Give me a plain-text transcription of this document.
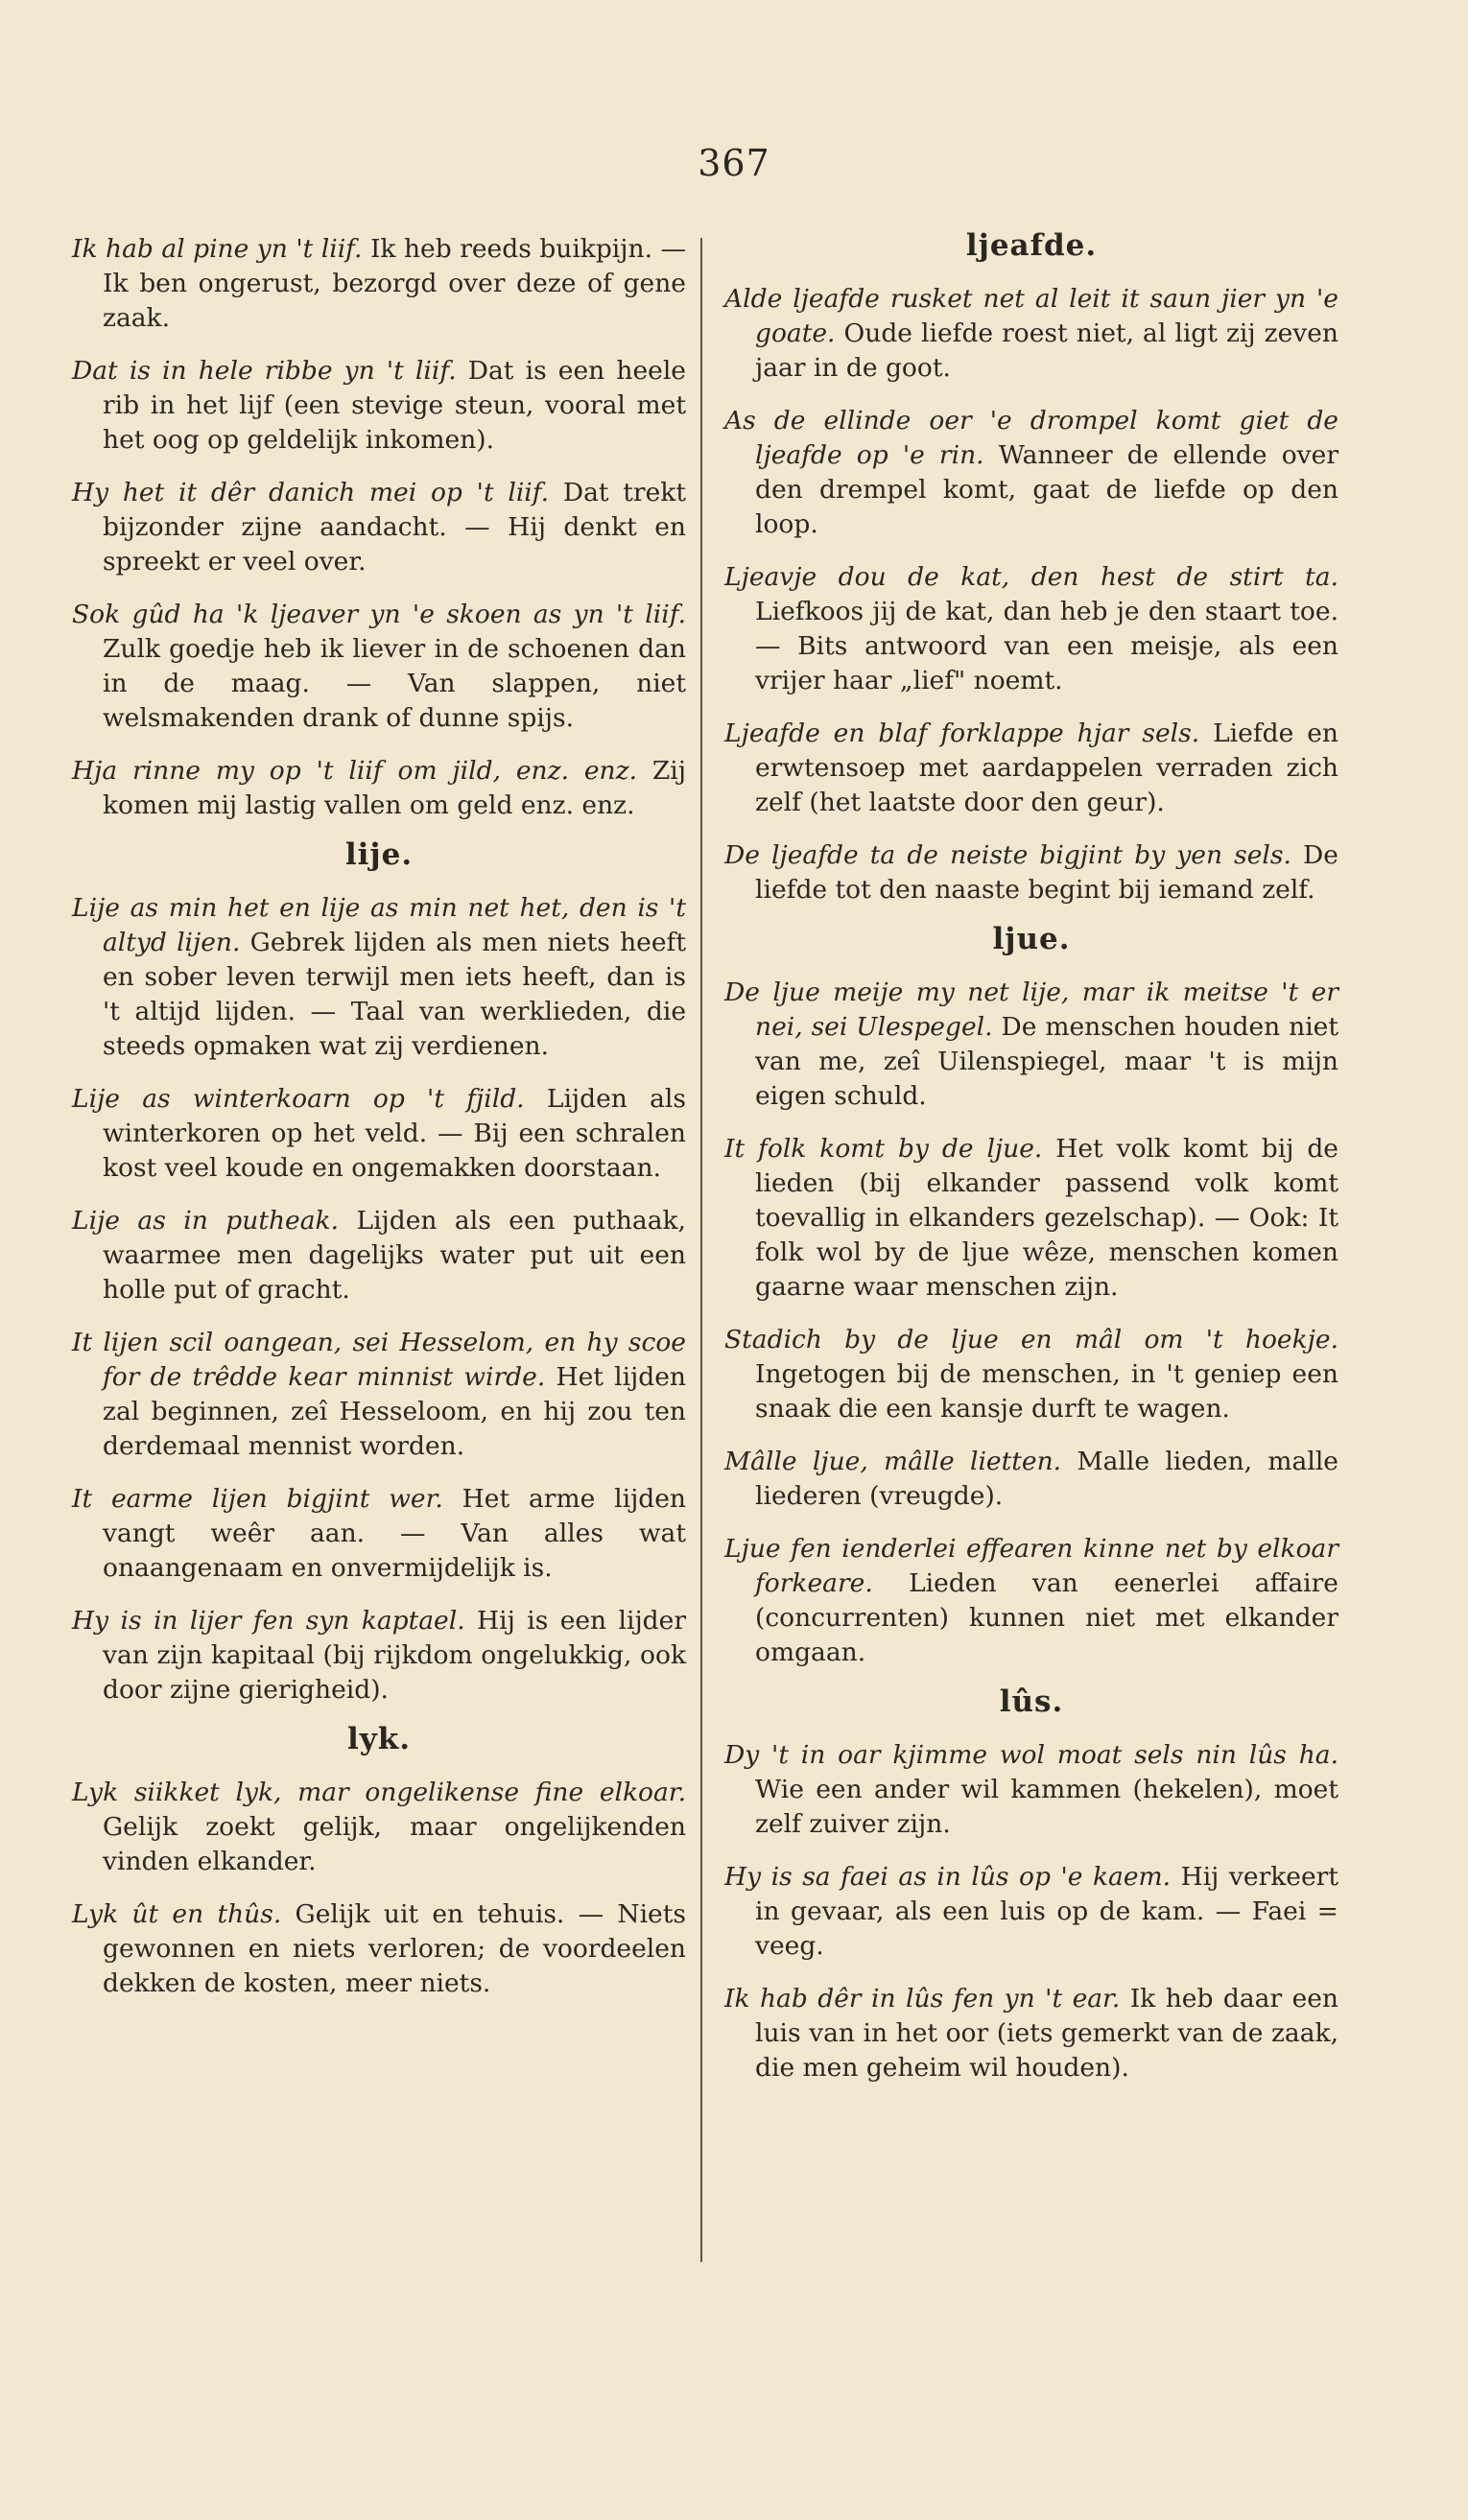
367
Ik hab al pine yn 't liif. Ik heb reeds buikpijn. — Ik ben ongerust, bezorgd over deze of gene zaak.
Dat is in hele ribbe yn 't liif. Dat is een heele rib in het lijf (een stevige steun, vooral met het oog op geldelijk inkomen).
Hy het it dêr danich mei op 't liif. Dat trekt bijzonder zijne aandacht. — Hij denkt en spreekt er veel over.
Sok gûd ha 'k ljeaver yn 'e skoen as yn 't liif. Zulk goedje heb ik liever in de schoenen dan in de maag. — Van slappen, niet welsmakenden drank of dunne spijs.
Hja rinne my op 't liif om jild, enz. enz. Zij komen mij lastig vallen om geld enz. enz.
lije.
Lije as min het en lije as min net het, den is 't altyd lijen. Gebrek lijden als men niets heeft en sober leven terwijl men iets heeft, dan is 't altijd lijden. — Taal van werklieden, die steeds opmaken wat zij verdienen.
Lije as winterkoarn op 't fjild. Lijden als winterkoren op het veld. — Bij een schralen kost veel koude en ongemakken doorstaan.
Lije as in putheak. Lijden als een puthaak, waarmee men dagelijks water put uit een holle put of gracht.
It lijen scil oangean, sei Hesselom, en hy scoe for de trêdde kear minnist wirde. Het lijden zal beginnen, zeî Hesseloom, en hij zou ten derdemaal mennist worden.
It earme lijen bigjint wer. Het arme lijden vangt weêr aan. — Van alles wat onaangenaam en onvermijdelijk is.
Hy is in lijer fen syn kaptael. Hij is een lijder van zijn kapitaal (bij rijkdom ongelukkig, ook door zijne gierigheid).
lyk.
Lyk siikket lyk, mar ongelikense fine elkoar. Gelijk zoekt gelijk, maar ongelijkenden vinden elkander.
Lyk ût en thûs. Gelijk uit en tehuis. — Niets gewonnen en niets verloren; de voordeelen dekken de kosten, meer niets.
ljeafde.
Alde ljeafde rusket net al leit it saun jier yn 'e goate. Oude liefde roest niet, al ligt zij zeven jaar in de goot.
As de ellinde oer 'e drompel komt giet de ljeafde op 'e rin. Wanneer de ellende over den drempel komt, gaat de liefde op den loop.
Ljeavje dou de kat, den hest de stirt ta. Liefkoos jij de kat, dan heb je den staart toe. — Bits antwoord van een meisje, als een vrijer haar „lief" noemt.
Ljeafde en blaf forklappe hjar sels. Liefde en erwtensoep met aardappelen verraden zich zelf (het laatste door den geur).
De ljeafde ta de neiste bigjint by yen sels. De liefde tot den naaste begint bij iemand zelf.
ljue.
De ljue meije my net lije, mar ik meitse 't er nei, sei Ulespegel. De menschen houden niet van me, zeî Uilenspiegel, maar 't is mijn eigen schuld.
It folk komt by de ljue. Het volk komt bij de lieden (bij elkander passend volk komt toevallig in elkanders gezelschap). — Ook: It folk wol by de ljue wêze, menschen komen gaarne waar menschen zijn.
Stadich by de ljue en mâl om 't hoekje. Ingetogen bij de menschen, in 't geniep een snaak die een kansje durft te wagen.
Mâlle ljue, mâlle lietten. Malle lieden, malle liederen (vreugde).
Ljue fen ienderlei effearen kinne net by elkoar forkeare. Lieden van eenerlei affaire (concurrenten) kunnen niet met elkander omgaan.
lûs.
Dy 't in oar kjimme wol moat sels nin lûs ha. Wie een ander wil kammen (hekelen), moet zelf zuiver zijn.
Hy is sa faei as in lûs op 'e kaem. Hij verkeert in gevaar, als een luis op de kam. — Faei = veeg.
Ik hab dêr in lûs fen yn 't ear. Ik heb daar een luis van in het oor (iets gemerkt van de zaak, die men geheim wil houden).
